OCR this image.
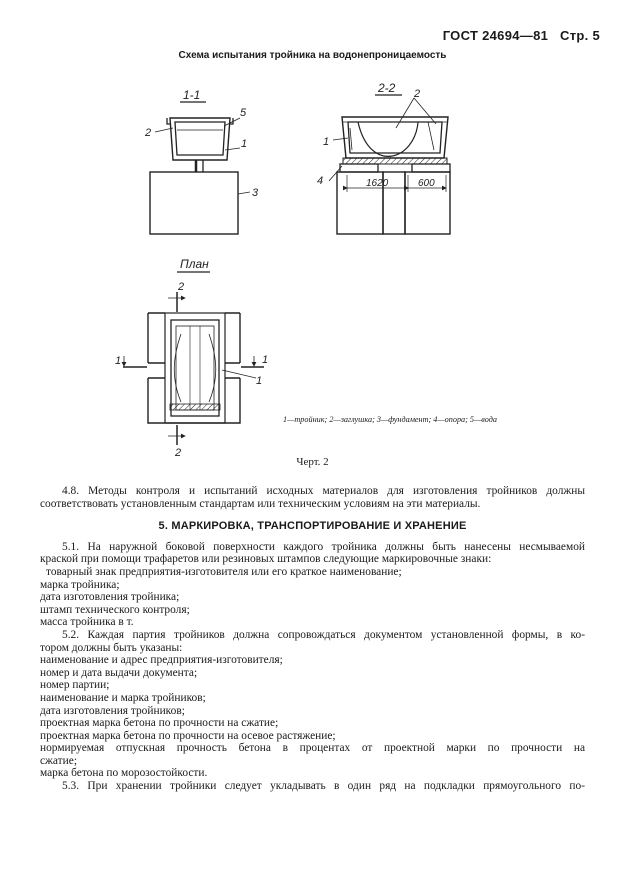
ГОСТ 24694—81 Стр. 5
Схема испытания тройника на водонепроницаемость
1-1
2
5
1
3
2-2
1620	600
2
1
4
План
2
2
1	1
1
1—тройник; 2—заглушка; 3—фундамент; 4—опора; 5—вода
Черт. 2

4.8. Методы контроля и испытаний исходных материалов для изготовления тройников должны

соответствовать установленным стандартам или техническим условиям на эти материалы.

5. МАРКИРОВКА, ТРАНСПОРТИРОВАНИЕ И ХРАНЕНИЕ

5.1. На наружной боковой поверхности каждого тройника должны быть нанесены несмываемой

краской при помощи трафаретов или резиновых штампов следующие маркировочные знаки:

товарный знак предприятия-изготовителя или его краткое наименование;

марка тройника;

дата изготовления тройника;

штамп технического контроля;

масса тройника в т.

5.2. Каждая партия тройников должна сопровождаться документом установленной формы, в ко-

тором должны быть указаны:

наименование и адрес предприятия-изготовителя;

номер и дата выдачи документа;

номер партии;

наименование и марка тройников;

дата изготовления тройников;

проектная марка бетона по прочности на сжатие;

проектная марка бетона по прочности на осевое растяжение;

нормируемая отпускная прочность бетона в процентах от проектной марки по прочности на

сжатие;

марка бетона по морозостойкости.

5.3. При хранении тройники следует укладывать в один ряд на подкладки прямоугольного по-
